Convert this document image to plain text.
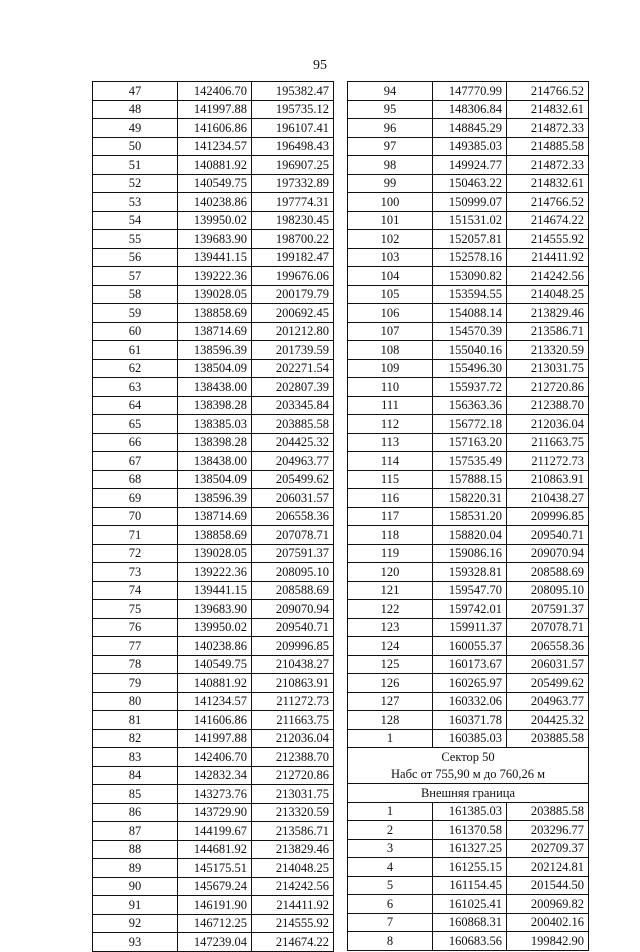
95
47	142406.70	195382.47
48	141997.88	195735.12
49	141606.86	196107.41
50	141234.57	196498.43
51	140881.92	196907.25
52	140549.75	197332.89
53	140238.86	197774.31
54	139950.02	198230.45
55	139683.90	198700.22
56	139441.15	199182.47
57	139222.36	199676.06
58	139028.05	200179.79
59	138858.69	200692.45
60	138714.69	201212.80
61	138596.39	201739.59
62	138504.09	202271.54
63	138438.00	202807.39
64	138398.28	203345.84
65	138385.03	203885.58
66	138398.28	204425.32
67	138438.00	204963.77
68	138504.09	205499.62
69	138596.39	206031.57
70	138714.69	206558.36
71	138858.69	207078.71
72	139028.05	207591.37
73	139222.36	208095.10
74	139441.15	208588.69
75	139683.90	209070.94
76	139950.02	209540.71
77	140238.86	209996.85
78	140549.75	210438.27
79	140881.92	210863.91
80	141234.57	211272.73
81	141606.86	211663.75
82	141997.88	212036.04
83	142406.70	212388.70
84	142832.34	212720.86
85	143273.76	213031.75
86	143729.90	213320.59
87	144199.67	213586.71
88	144681.92	213829.46
89	145175.51	214048.25
90	145679.24	214242.56
91	146191.90	214411.92
92	146712.25	214555.92
93	147239.04	214674.22
94	147770.99	214766.52
95	148306.84	214832.61
96	148845.29	214872.33
97	149385.03	214885.58
98	149924.77	214872.33
99	150463.22	214832.61
100	150999.07	214766.52
101	151531.02	214674.22
102	152057.81	214555.92
103	152578.16	214411.92
104	153090.82	214242.56
105	153594.55	214048.25
106	154088.14	213829.46
107	154570.39	213586.71
108	155040.16	213320.59
109	155496.30	213031.75
110	155937.72	212720.86
111	156363.36	212388.70
112	156772.18	212036.04
113	157163.20	211663.75
114	157535.49	211272.73
115	157888.15	210863.91
116	158220.31	210438.27
117	158531.20	209996.85
118	158820.04	209540.71
119	159086.16	209070.94
120	159328.81	208588.69
121	159547.70	208095.10
122	159742.01	207591.37
123	159911.37	207078.71
124	160055.37	206558.36
125	160173.67	206031.57
126	160265.97	205499.62
127	160332.06	204963.77
128	160371.78	204425.32
1	160385.03	203885.58
Сектор 50		
Набс от 755,90 м до 760,26 м		
Внешняя граница		
1	161385.03	203885.58
2	161370.58	203296.77
3	161327.25	202709.37
4	161255.15	202124.81
5	161154.45	201544.50
6	161025.41	200969.82
7	160868.31	200402.16
8	160683.56	199842.90
